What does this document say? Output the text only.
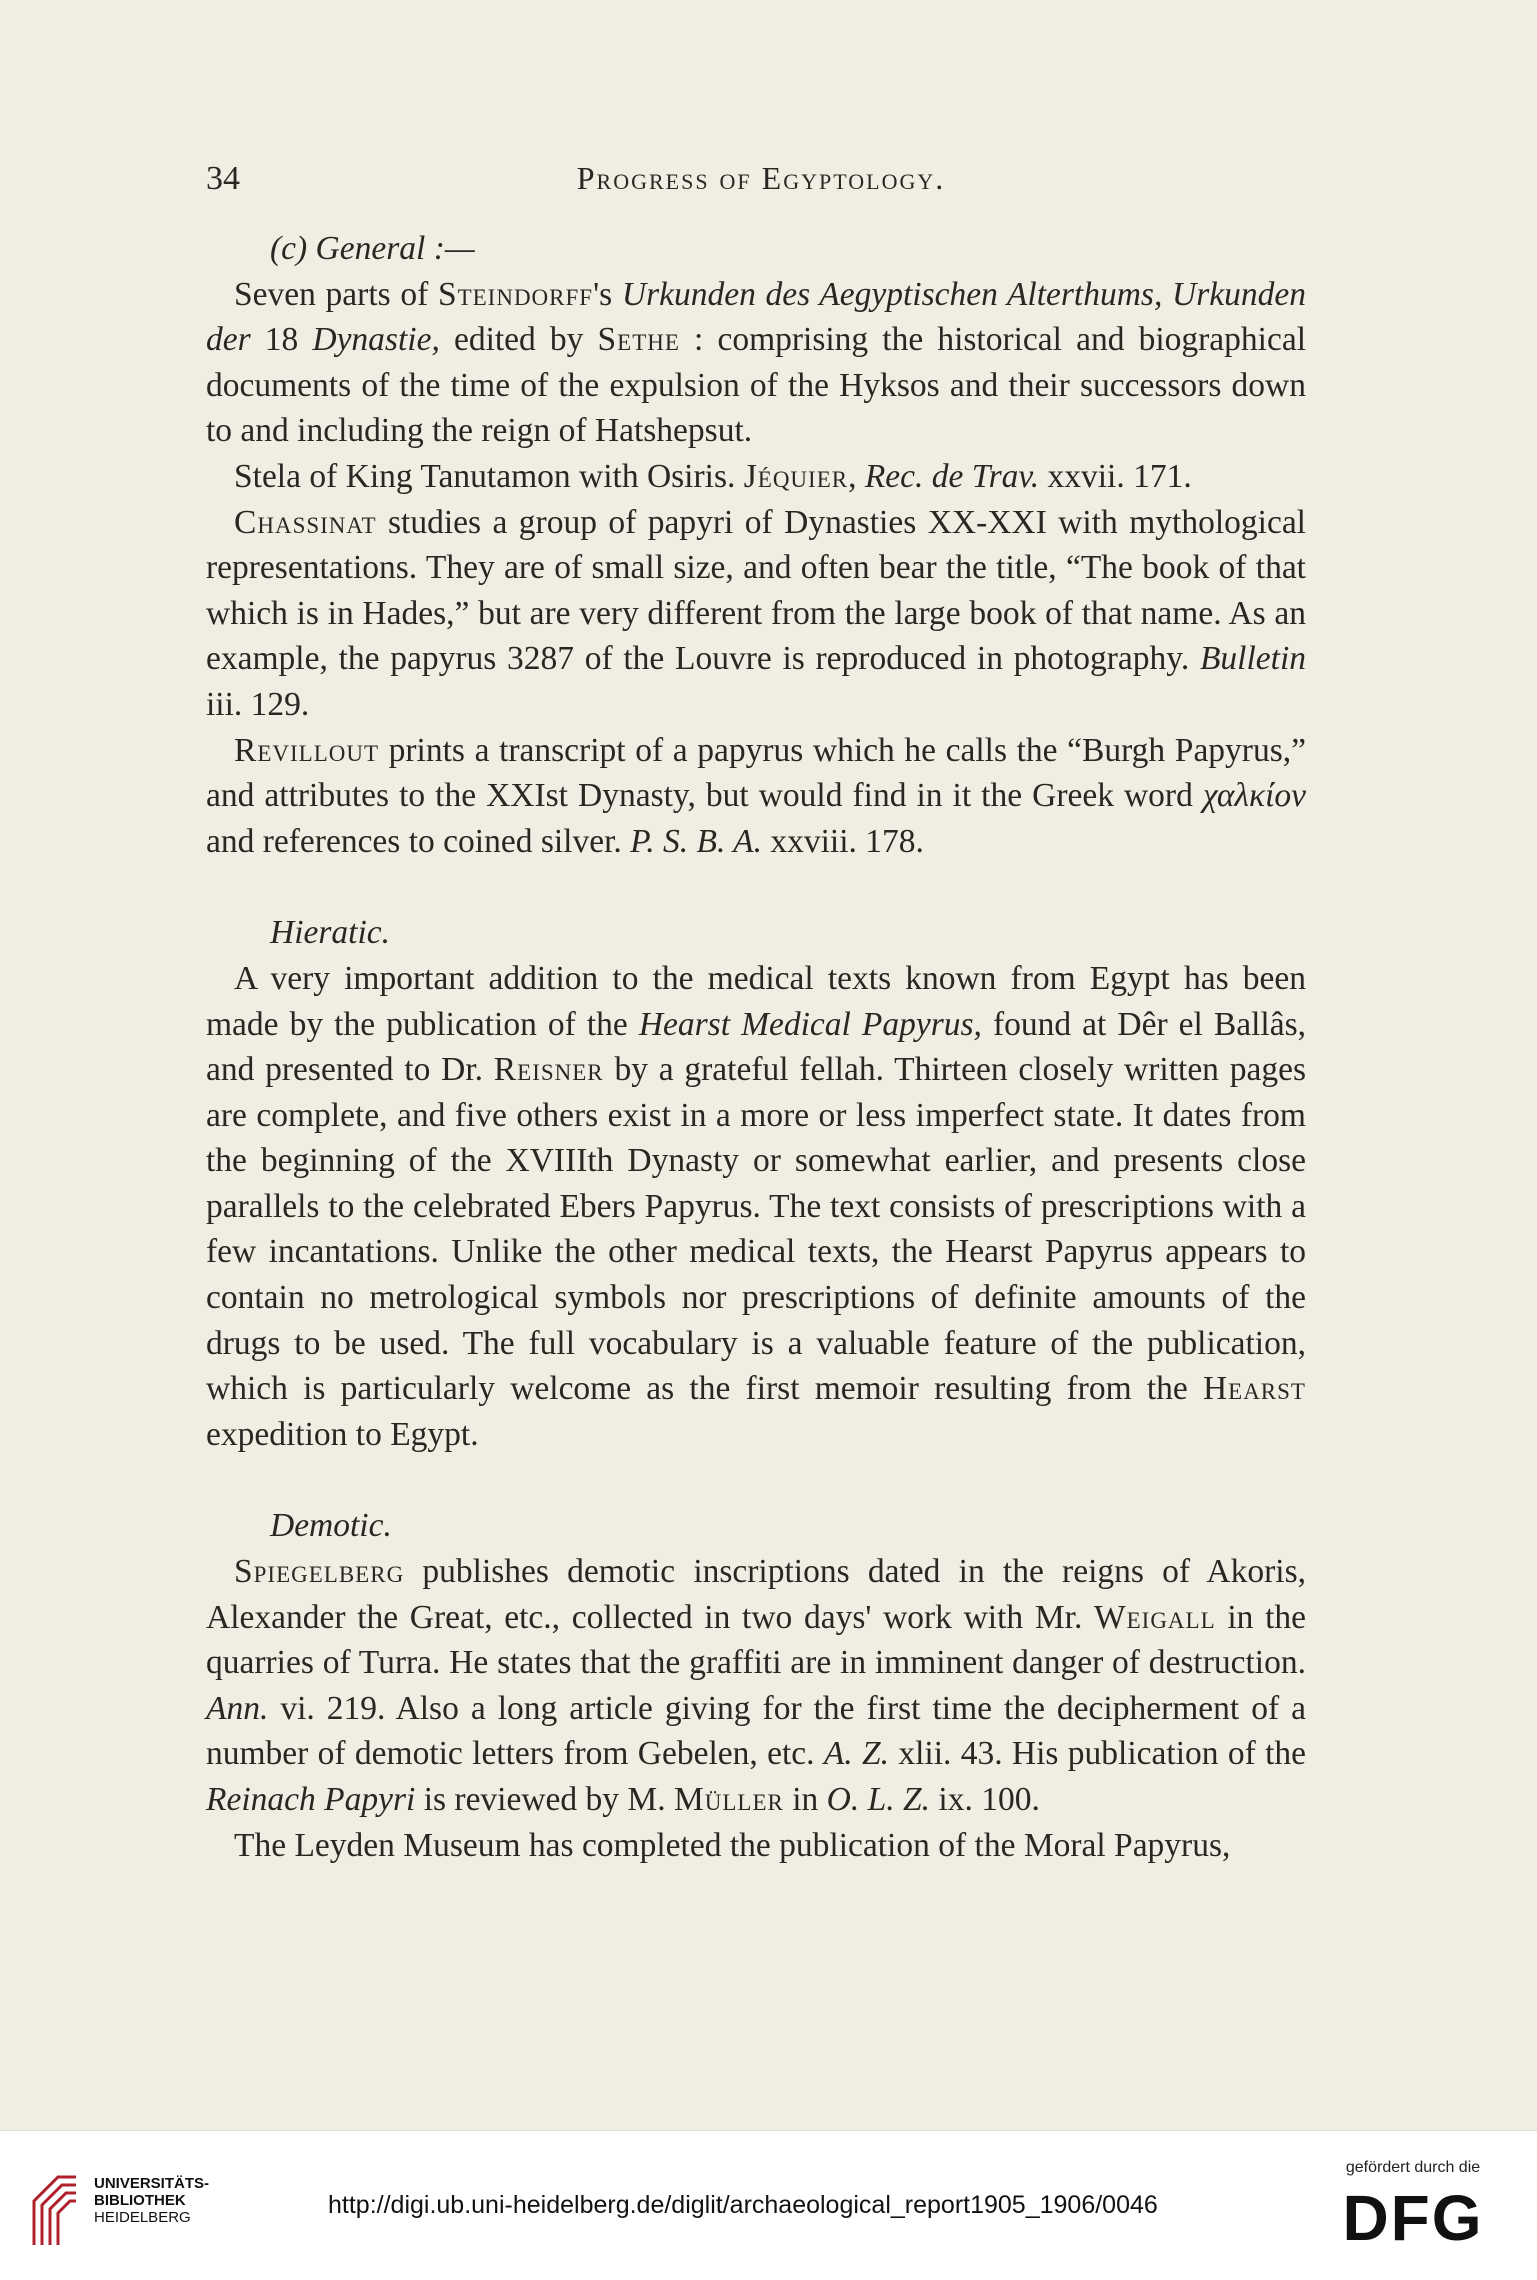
34	Progress of Egyptology.
(c) General :—

Seven parts of Steindorff's Urkunden des Aegyptischen Alterthums, Urkunden der 18 Dynastie, edited by Sethe : comprising the historical and biographical documents of the time of the expulsion of the Hyksos and their successors down to and including the reign of Hatshepsut.

Stela of King Tanutamon with Osiris. Jéquier, Rec. de Trav. xxvii. 171.

Chassinat studies a group of papyri of Dynasties XX-XXI with mythological representations. They are of small size, and often bear the title, “The book of that which is in Hades,” but are very different from the large book of that name. As an example, the papyrus 3287 of the Louvre is reproduced in photography. Bulletin iii. 129.

Revillout prints a transcript of a papyrus which he calls the “Burgh Papyrus,” and attributes to the XXIst Dynasty, but would find in it the Greek word χαλκίον and references to coined silver. P. S. B. A. xxviii. 178.

Hieratic.

A very important addition to the medical texts known from Egypt has been made by the publication of the Hearst Medical Papyrus, found at Dêr el Ballâs, and presented to Dr. Reisner by a grateful fellah. Thirteen closely written pages are complete, and five others exist in a more or less imperfect state. It dates from the beginning of the XVIIIth Dynasty or somewhat earlier, and presents close parallels to the celebrated Ebers Papyrus. The text consists of prescriptions with a few incantations. Unlike the other medical texts, the Hearst Papyrus appears to contain no metrological symbols nor prescriptions of definite amounts of the drugs to be used. The full vocabulary is a valuable feature of the publication, which is particularly welcome as the first memoir resulting from the Hearst expedition to Egypt.

Demotic.

Spiegelberg publishes demotic inscriptions dated in the reigns of Akoris, Alexander the Great, etc., collected in two days' work with Mr. Weigall in the quarries of Turra. He states that the graffiti are in imminent danger of destruction. Ann. vi. 219. Also a long article giving for the first time the decipherment of a number of demotic letters from Gebelen, etc. A. Z. xlii. 43. His publication of the Reinach Papyri is reviewed by M. Müller in O. L. Z. ix. 100.

The Leyden Museum has completed the publication of the Moral Papyrus,

UNIVERSITÄTS-
BIBLIOTHEK
HEIDELBERG	http://digi.ub.uni-heidelberg.de/diglit/archaeological_report1905_1906/0046
gefördert durch die
DFG
